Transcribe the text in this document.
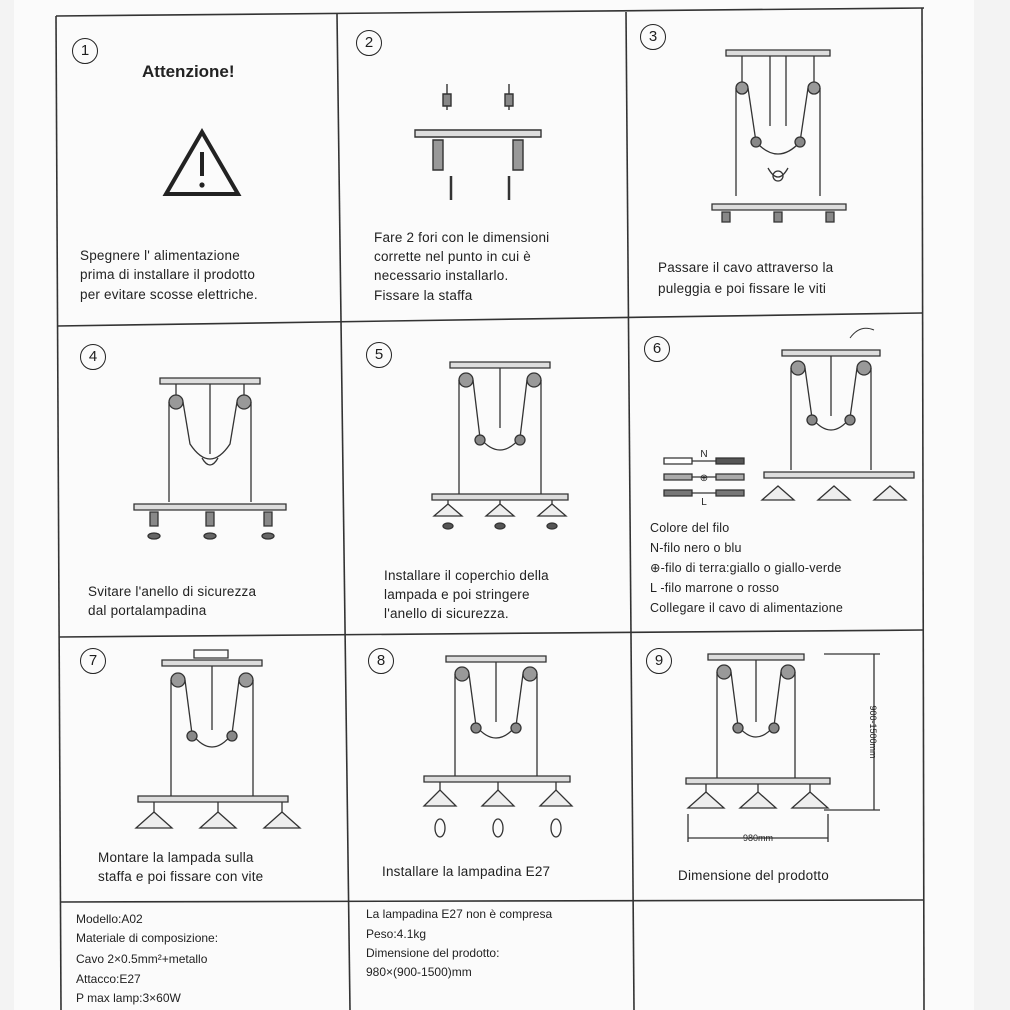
1
Attenzione!
Spegnere l' alimentazione
prima di installare il prodotto
per evitare scosse elettriche.
2
Fare 2 fori con le dimensioni
corrette nel punto in cui è
necessario installarlo.
Fissare la staffa
3
Passare il cavo attraverso la
puleggia e poi fissare le viti
4
Svitare l'anello di sicurezza
dal portalampadina
5
Installare il coperchio della
lampada e poi stringere
l'anello di sicurezza.
6
N
⊕
L
Colore del filo
N-filo nero o blu
⊕-filo di terra:giallo o giallo-verde
L -filo marrone o rosso
Collegare il cavo di alimentazione
7
Montare la lampada sulla
staffa e poi fissare con vite
8
Installare la lampadina E27
9
980mm
900-1500mm
Dimensione del prodotto
Modello:A02
Materiale di composizione:
Cavo 2×0.5mm²+metallo
Attacco:E27
P max lamp:3×60W
La lampadina E27 non è compresa
Peso:4.1kg
Dimensione del prodotto:
980×(900-1500)mm
